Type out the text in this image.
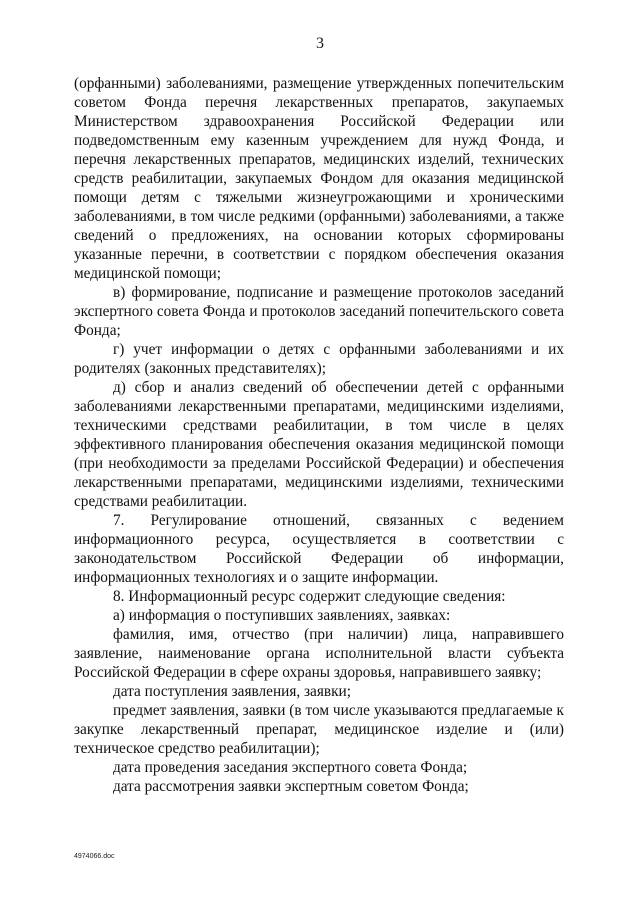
3

(орфанными) заболеваниями, размещение утвержденных попечительским советом Фонда перечня лекарственных препаратов, закупаемых Министерством здравоохранения Российской Федерации или подведомственным ему казенным учреждением для нужд Фонда, и перечня лекарственных препаратов, медицинских изделий, технических средств реабилитации, закупаемых Фондом для оказания медицинской помощи детям с тяжелыми жизнеугрожающими и хроническими заболеваниями, в том числе редкими (орфанными) заболеваниями, а также сведений о предложениях, на основании которых сформированы указанные перечни, в соответствии с порядком обеспечения оказания медицинской помощи;

в) формирование, подписание и размещение протоколов заседаний экспертного совета Фонда и протоколов заседаний попечительского совета Фонда;

г) учет информации о детях с орфанными заболеваниями и их родителях (законных представителях);

д) сбор и анализ сведений об обеспечении детей с орфанными заболеваниями лекарственными препаратами, медицинскими изделиями, техническими средствами реабилитации, в том числе в целях эффективного планирования обеспечения оказания медицинской помощи (при необходимости за пределами Российской Федерации) и обеспечения лекарственными препаратами, медицинскими изделиями, техническими средствами реабилитации.

7. Регулирование отношений, связанных с ведением информационного ресурса, осуществляется в соответствии с законодательством Российской Федерации об информации, информационных технологиях и о защите информации.

8. Информационный ресурс содержит следующие сведения:

а) информация о поступивших заявлениях, заявках:

фамилия, имя, отчество (при наличии) лица, направившего заявление, наименование органа исполнительной власти субъекта Российской Федерации в сфере охраны здоровья, направившего заявку;

дата поступления заявления, заявки;

предмет заявления, заявки (в том числе указываются предлагаемые к закупке лекарственный препарат, медицинское изделие и (или) техническое средство реабилитации);

дата проведения заседания экспертного совета Фонда;

дата рассмотрения заявки экспертным советом Фонда;

4974066.doc
